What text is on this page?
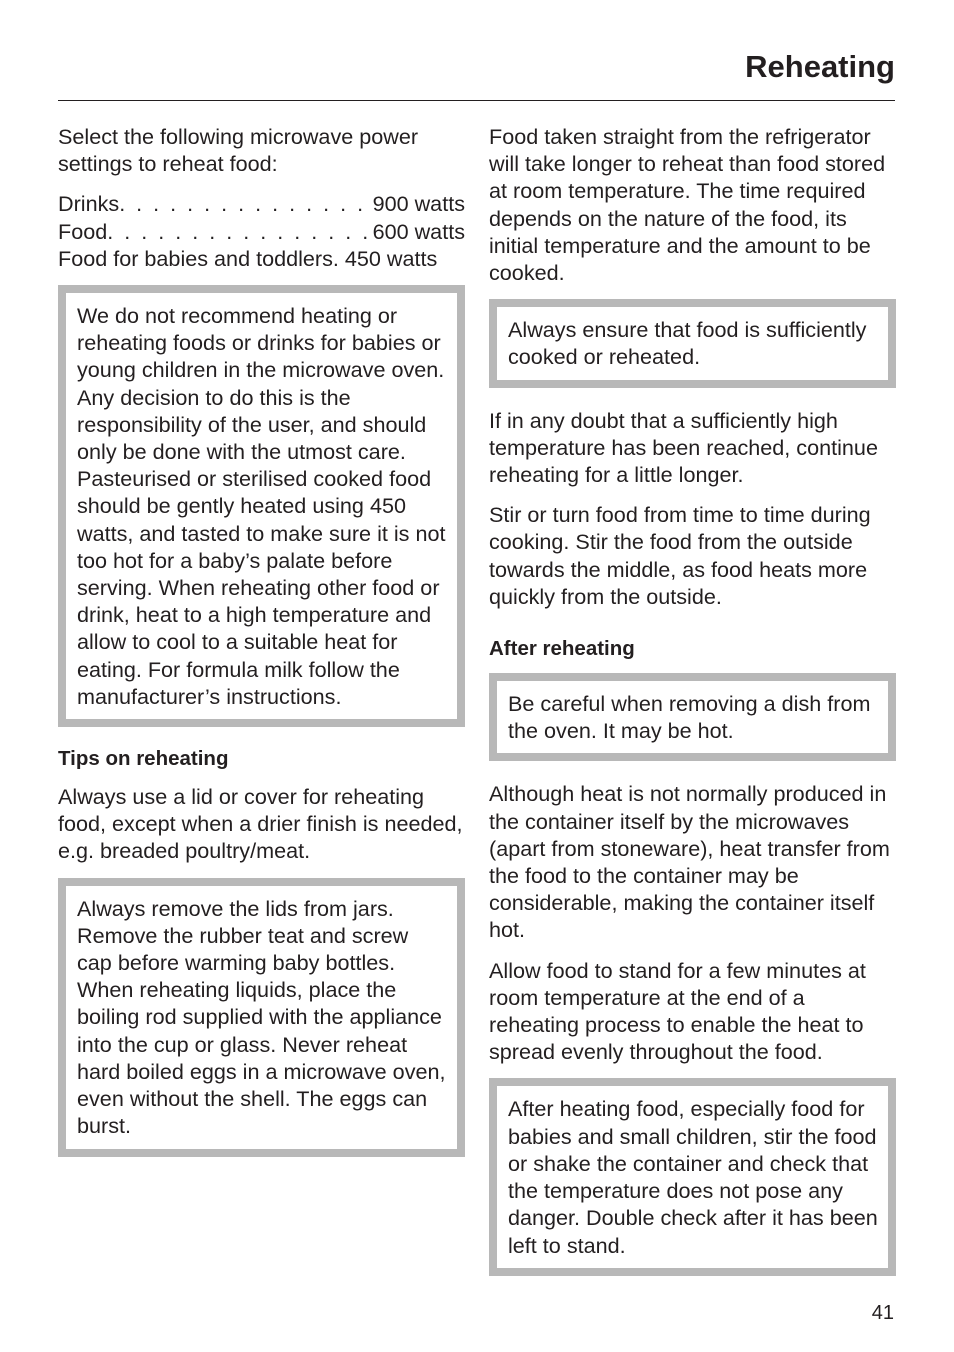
Reheating

Select the following microwave power settings to reheat food:

Drinks . . .	900 watts
Food . . .	600 watts
Food for babies and toddlers. 450 watts
We do not recommend heating or reheating foods or drinks for babies or young children in the microwave oven. Any decision to do this is the responsibility of the user, and should only be done with the utmost care. Pasteurised or sterilised cooked food should be gently heated using 450 watts, and tasted to make sure it is not too hot for a baby’s palate before serving. When reheating other food or drink, heat to a high temperature and allow to cool to a suitable heat for eating. For formula milk follow the manufacturer’s instructions.
Tips on reheating

Always use a lid or cover for reheating food, except when a drier finish is needed, e.g. breaded poultry/meat.

Always remove the lids from jars. Remove the rubber teat and screw cap before warming baby bottles. When reheating liquids, place the boiling rod supplied with the appliance into the cup or glass. Never reheat hard boiled eggs in a microwave oven, even without the shell. The eggs can burst.

Food taken straight from the refrigerator will take longer to reheat than food stored at room temperature. The time required depends on the nature of the food, its initial temperature and the amount to be cooked.

Always ensure that food is sufficiently cooked or reheated.

If in any doubt that a sufficiently high temperature has been reached, continue reheating for a little longer.

Stir or turn food from time to time during cooking. Stir the food from the outside towards the middle, as food heats more quickly from the outside.

After reheating
Be careful when removing a dish from the oven. It may be hot.

Although heat is not normally produced in the container itself by the microwaves (apart from stoneware), heat transfer from the food to the container may be considerable, making the container itself hot.

Allow food to stand for a few minutes at room temperature at the end of a reheating process to enable the heat to spread evenly throughout the food.

After heating food, especially food for babies and small children, stir the food or shake the container and check that the temperature does not pose any danger. Double check after it has been left to stand.
41
